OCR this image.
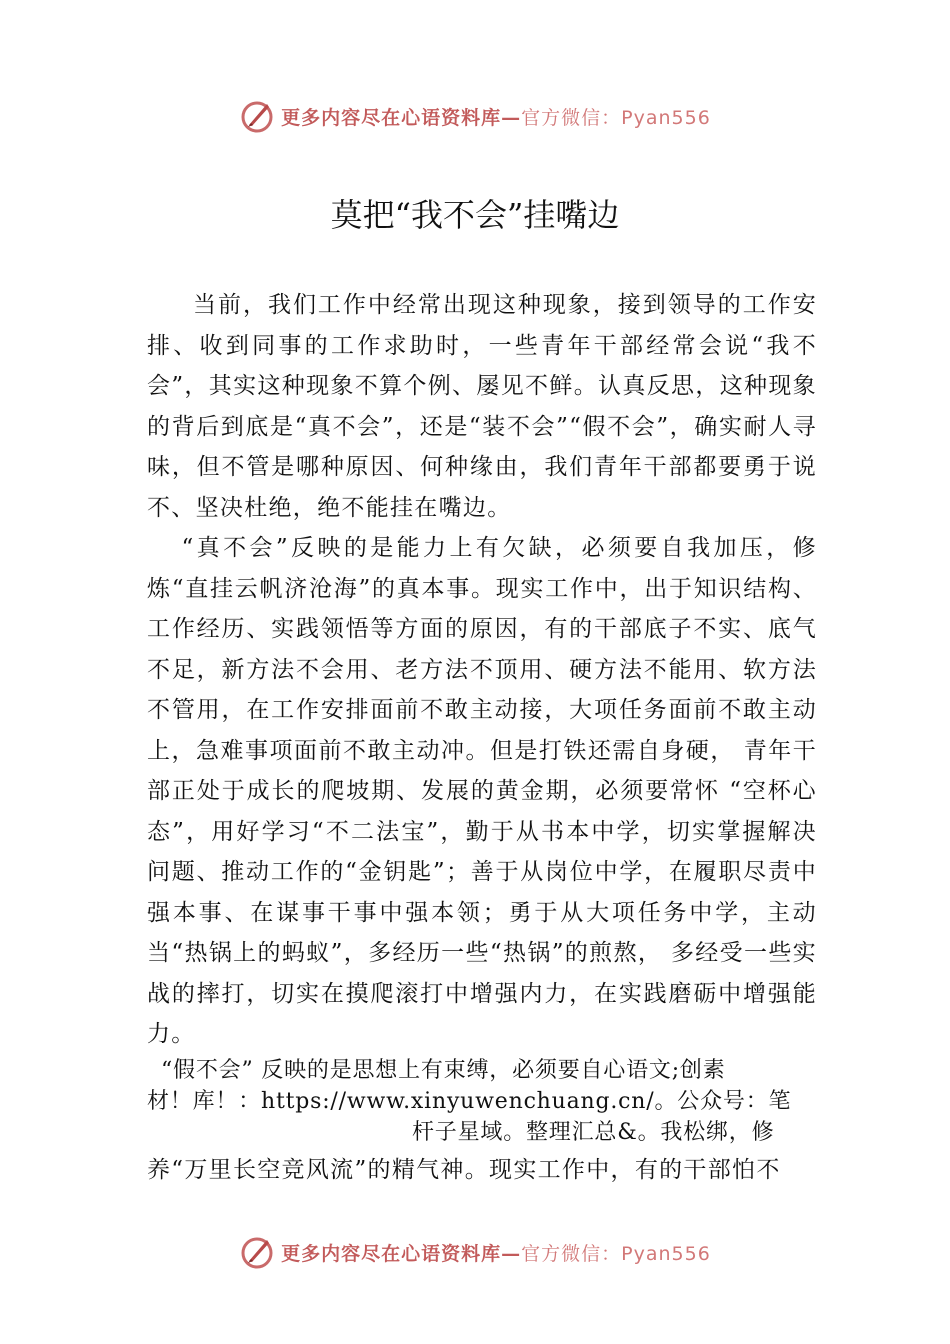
更多内容尽在心语资料库— 官方微信：Pyan556
莫把“我不会”挂嘴边

当前，我们工作中经常出现这种现象，接到领导的工作安排、收到同事的工作求助时，一些青年干部经常会说“我不会”，其实这种现象不算个例、屡见不鲜。认真反思，这种现象的背后到底是“真不会”，还是“装不会”“假不会”，确实耐人寻味，但不管是哪种原因、何种缘由，我们青年干部都要勇于说不、坚决杜绝，绝不能挂在嘴边。

“真不会”反映的是能力上有欠缺，必须要自我加压，修炼“直挂云帆济沧海”的真本事。现实工作中，出于知识结构、工作经历、实践领悟等方面的原因，有的干部底子不实、底气不足，新方法不会用、老方法不顶用、硬方法不能用、软方法不管用，在工作安排面前不敢主动接，大项任务面前不敢主动上，急难事项面前不敢主动冲。但是打铁还需自身硬， 青年干部正处于成长的爬坡期、发展的黄金期，必须要常怀 “空杯心态”，用好学习“不二法宝”，勤于从书本中学，切实掌握解决问题、推动工作的“金钥匙”；善于从岗位中学，在履职尽责中强本事、在谋事干事中强本领；勇于从大项任务中学，主动当“热锅上的蚂蚁”，多经历一些“热锅”的煎熬， 多经受一些实战的摔打，切实在摸爬滚打中增强内力，在实践磨砺中增强能力。

“假不会” 反映的是思想上有束缚，必须要自心语文;创素
材！库！：https://www.xinyuwenchuang.cn/。公众号：笔
杆子星域。整理汇总&。我松绑，修

养“万里长空竞风流”的精气神。现实工作中，有的干部怕不

更多内容尽在心语资料库— 官方微信：Pyan556
